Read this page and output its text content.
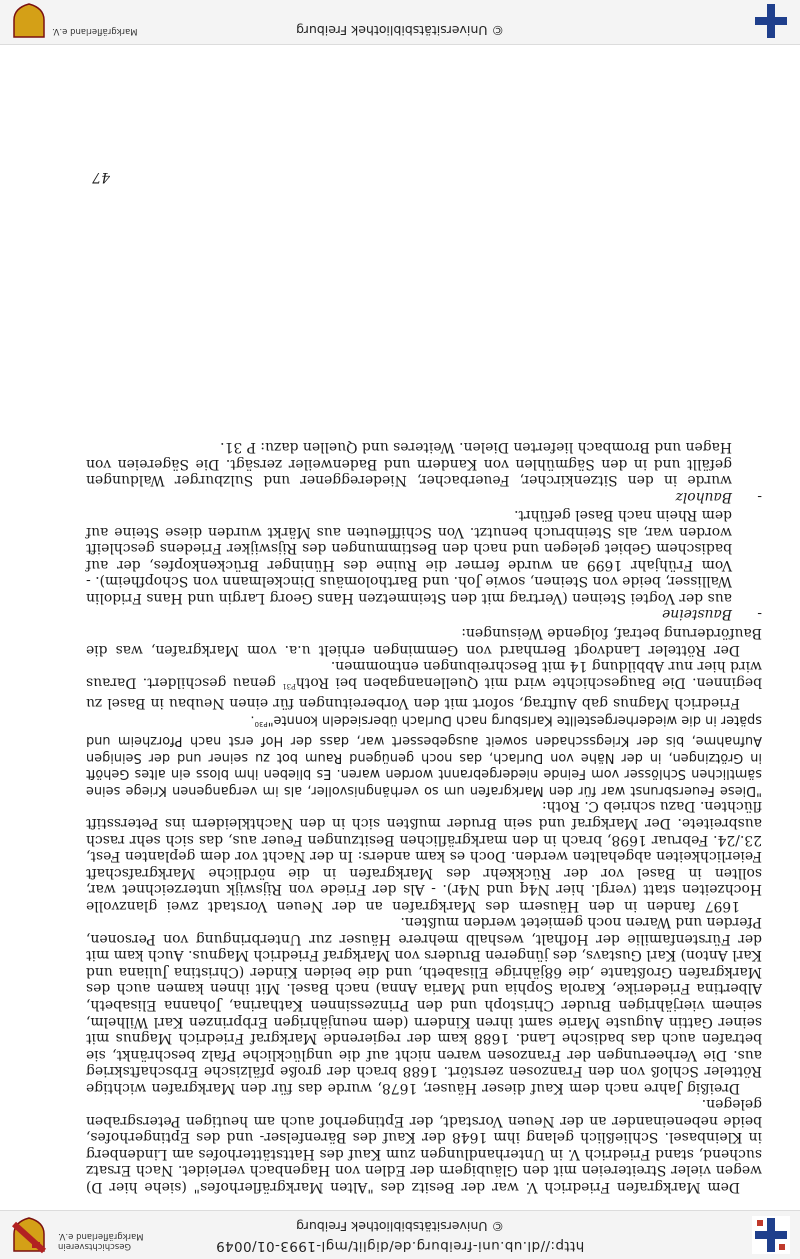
http://dl.ub.uni-freiburg.de/diglit/mgl-1993-01/0049
© Universitätsbibliothek Freiburg
Geschichtsverein
Markgräflerland e.V.

Dem Markgrafen Friedrich V. war der Besitz des "Alten Markgräflerhofes" (siehe hier D) wegen vieler Streitereien mit den Gläubigern der Edlen von Hagenbach verleidet. Nach Ersatz suchend, stand Friedrich V. in Unterhandlungen zum Kauf des Hattstätterhofes am Lindenberg in Kleinbasel. Schließlich gelang ihm 1648 der Kauf des Bärenfelser- und des Eptingerhofes, beide nebeneinander an der Neuen Vorstadt, der Eptingerhof auch am heutigen Petersgraben gelegen.

Dreißig Jahre nach dem Kauf dieser Häuser, 1678, wurde das für den Markgrafen wichtige Rötteler Schloß von den Franzosen zerstört. 1688 brach der große pfälzische Erbschaftskrieg aus. Die Verheerungen der Franzosen waren nicht auf die unglückliche Pfalz beschränkt, sie betrafen auch das badische Land. 1688 kam der regierende Markgraf Friedrich Magnus mit seiner Gattin Auguste Marie samt ihren Kindern (dem neunjährigen Erbprinzen Karl Wilhelm, seinem vierjährigen Bruder Christoph und den Prinzessinnen Katharina, Johanna Elisabeth, Albertina Friederike, Karola Sophia und Maria Anna) nach Basel. Mit ihnen kamen auch des Markgrafen Großtante ,die 68jährige Elisabeth, und die beiden Kinder (Christina Juliana und Karl Anton) Karl Gustavs, des jüngeren Bruders von Markgraf Friedrich Magnus. Auch kam mit der Fürstenfamilie der Hofhalt, weshalb mehrere Häuser zur Unterbringung von Personen, Pferden und Waren noch gemietet werden mußten.

1697 fanden in den Häusern des Markgrafen an der Neuen Vorstadt zwei glanzvolle Hochzeiten statt (vergl. hier N4q und N4r). - Als der Friede von Rijswijk unterzeichnet war, sollten in Basel vor der Rückkehr des Markgrafen in die nördliche Markgrafschaft Feierlichkeiten abgehalten werden. Doch es kam anders: In der Nacht vor dem geplanten Fest, 23./24. Februar 1698, brach in den markgräflichen Besitzungen Feuer aus, das sich sehr rasch ausbreitete. Der Markgraf und sein Bruder mußten sich in den Nachtkleidern ins Petersstift flüchten. Dazu schrieb C. Roth:

"Diese Feuersbrunst war für den Markgrafen um so verhängnisvoller, als im vergangenen Kriege seine sämtlichen Schlösser vom Feinde niedergebrannt worden waren. Es blieben ihm bloss ein altes Gehöft in Grötzingen, in der Nähe von Durlach, das noch genügend Raum bot zu seiner und der Seinigen Aufnahme, bis der Kriegsschaden soweit ausgebessert war, dass der Hof erst nach Pforzheim und später in die wiederhergestellte Karlsburg nach Durlach übersiedeln konnte"$^{P30}$.

Friedrich Magnus gab Auftrag, sofort mit den Vorbereitungen für einen Neubau in Basel zu beginnen. Die Baugeschichte wird mit Quellenangaben bei Roth$^{P31}$ genau geschildert. Daraus wird hier nur Abbildung 14 mit Beschreibungen entnommen.

Der Rötteler Landvogt Bernhard von Gemmingen erhielt u.a. vom Markgrafen, was die Bauförderung betraf, folgende Weisungen:

-Bausteine
aus der Vogtei Steinen (Vertrag mit den Steinmetzen Hans Georg Largin und Hans Fridolin Wallisser, beide von Steinen, sowie Joh. und Bartholomäus Dinckelmann von Schopfheim). - Vom Frühjahr 1699 an wurde ferner die Ruine des Hüninger Brückenkopfes, der auf badischem Gebiet gelegen und nach den Bestimmungen des Rijswijker Friedens geschleift worden war, als Steinbruch benutzt. Von Schiffleuten aus Märkt wurden diese Steine auf dem Rhein nach Basel geführt.
-Bauholz
wurde in den Sitzenkircher, Feuerbacher, Niedereggener und Sulzburger Waldungen gefällt und in den Sägmühlen von Kandern und Badenweiler zersägt. Die Sägereien von Hagen und Brombach lieferten Dielen. Weiteres und Quellen dazu: P 31.
47
Markgräflerland e.V.	© Universitätsbibliothek Freiburg
